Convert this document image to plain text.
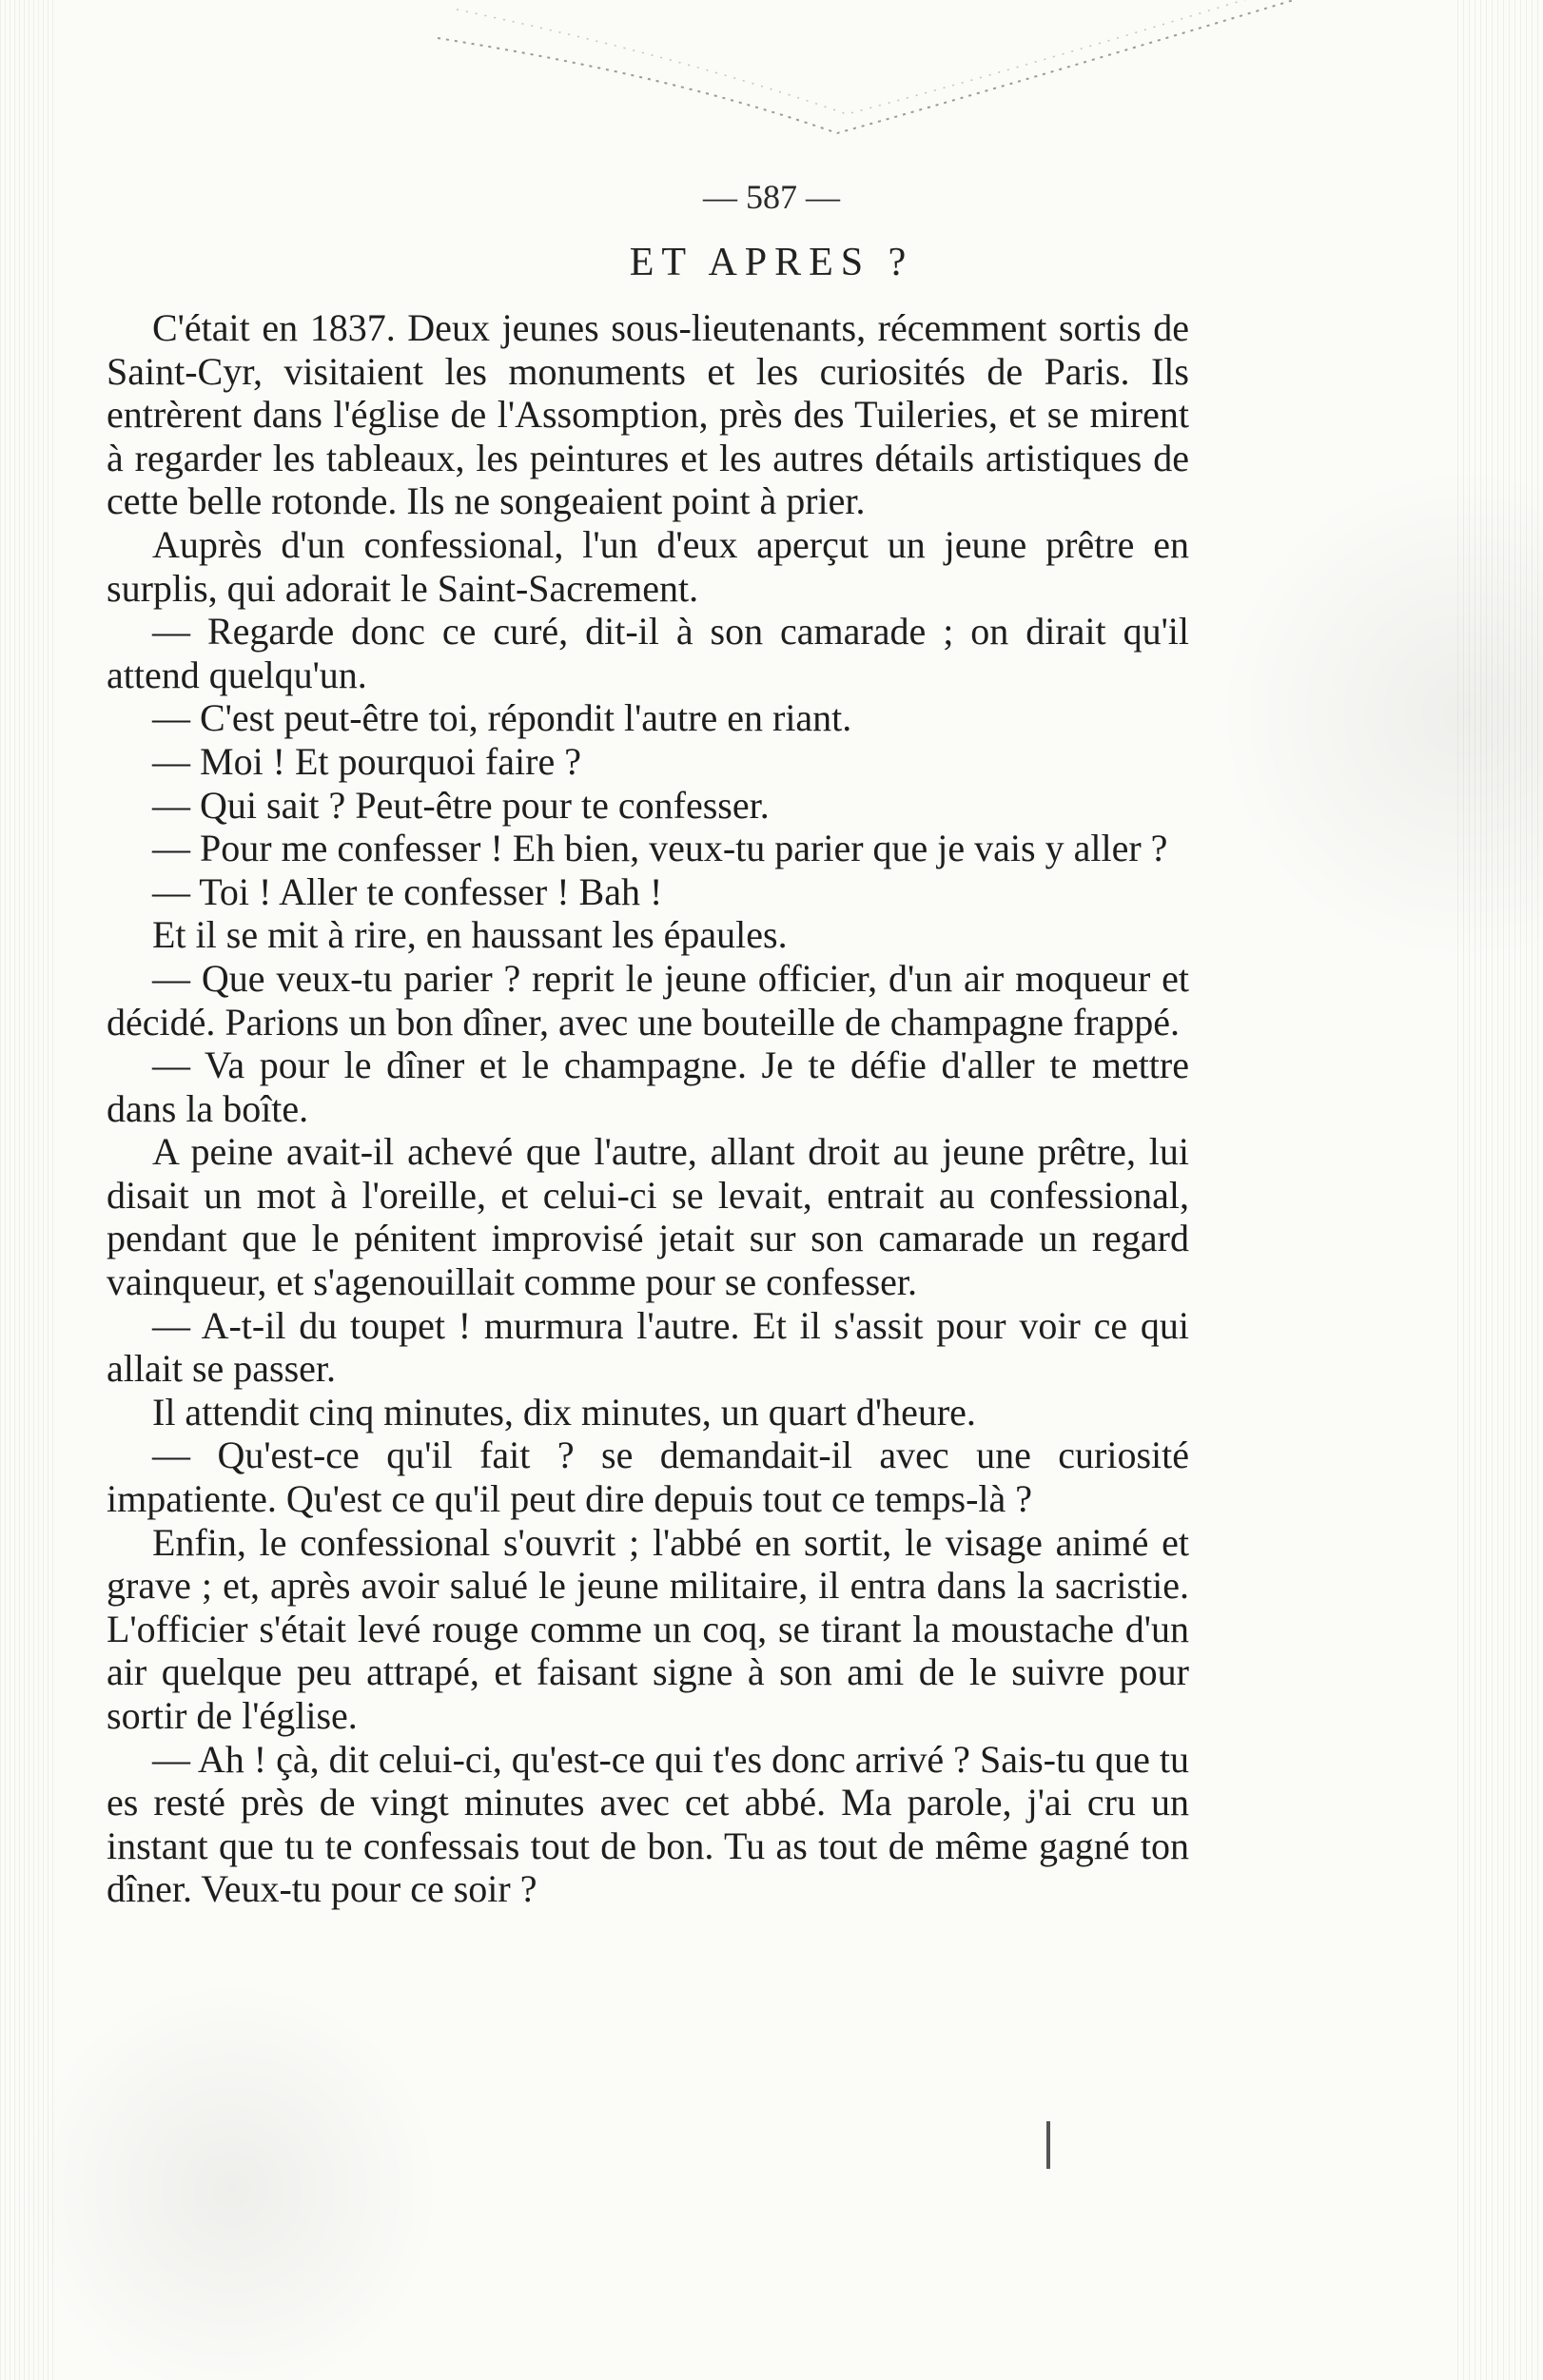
— 587 —
ET APRES ?

C'était en 1837. Deux jeunes sous-lieutenants, récemment sortis de Saint-Cyr, visitaient les monuments et les curiosités de Paris. Ils entrèrent dans l'église de l'Assomption, près des Tuileries, et se mirent à regarder les tableaux, les peintures et les autres détails artistiques de cette belle rotonde. Ils ne songeaient point à prier.

Auprès d'un confessional, l'un d'eux aperçut un jeune prêtre en surplis, qui adorait le Saint-Sacrement.

— Regarde donc ce curé, dit-il à son camarade ; on dirait qu'il attend quelqu'un.

— C'est peut-être toi, répondit l'autre en riant.

— Moi ! Et pourquoi faire ?

— Qui sait ? Peut-être pour te confesser.

— Pour me confesser ! Eh bien, veux-tu parier que je vais y aller ?

— Toi ! Aller te confesser ! Bah !

Et il se mit à rire, en haussant les épaules.

— Que veux-tu parier ? reprit le jeune officier, d'un air moqueur et décidé. Parions un bon dîner, avec une bouteille de champagne frappé.

— Va pour le dîner et le champagne. Je te défie d'aller te mettre dans la boîte.

A peine avait-il achevé que l'autre, allant droit au jeune prêtre, lui disait un mot à l'oreille, et celui-ci se levait, entrait au confessional, pendant que le pénitent improvisé jetait sur son camarade un regard vainqueur, et s'agenouillait comme pour se confesser.

— A-t-il du toupet ! murmura l'autre. Et il s'assit pour voir ce qui allait se passer.

Il attendit cinq minutes, dix minutes, un quart d'heure.

— Qu'est-ce qu'il fait ? se demandait-il avec une curiosité impatiente. Qu'est ce qu'il peut dire depuis tout ce temps-là ?

Enfin, le confessional s'ouvrit ; l'abbé en sortit, le visage animé et grave ; et, après avoir salué le jeune militaire, il entra dans la sacristie. L'officier s'était levé rouge comme un coq, se tirant la moustache d'un air quelque peu attrapé, et faisant signe à son ami de le suivre pour sortir de l'église.

— Ah ! çà, dit celui-ci, qu'est-ce qui t'es donc arrivé ? Sais-tu que tu es resté près de vingt minutes avec cet abbé. Ma parole, j'ai cru un instant que tu te confessais tout de bon. Tu as tout de même gagné ton dîner. Veux-tu pour ce soir ?
